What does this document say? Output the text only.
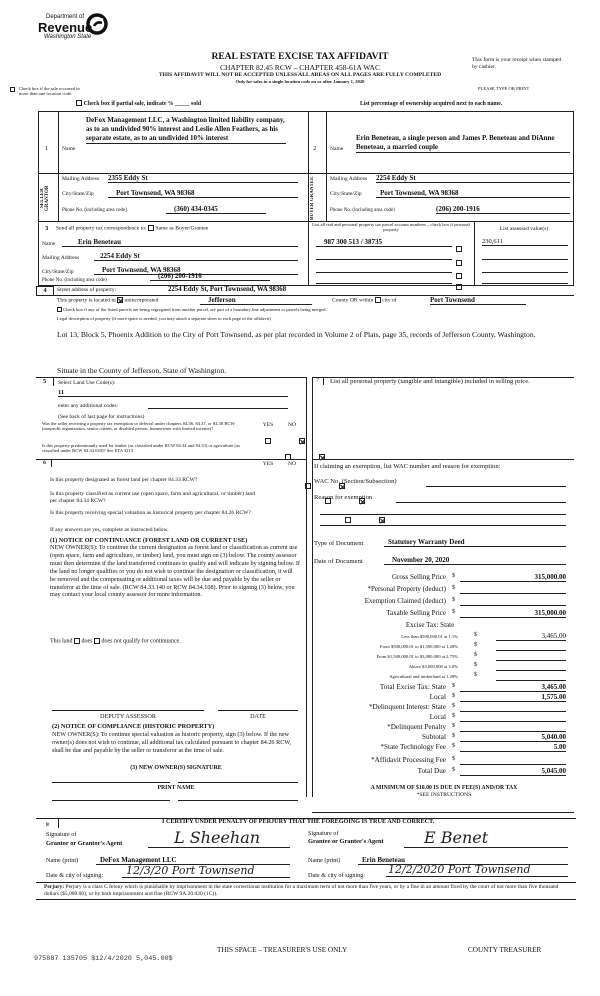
Department of
Revenue
Washington State
REAL ESTATE EXCISE TAX AFFIDAVIT
CHAPTER 82.45 RCW – CHAPTER 458-61A WAC
THIS AFFIDAVIT WILL NOT BE ACCEPTED UNLESS ALL AREAS ON ALL PAGES ARE FULLY COMPLETED
Only for sales in a single location code on or after January 1, 2020
This form is your receipt when stamped by cashier.
PLEASE TYPE OR PRINT
Check box if the sale occurred in more than one location code.
Check box if partial sale, indicate % _____ sold	List percentage of ownership acquired next to each name.
1 Name
DeFox Management LLC, a Washington limited liability company, as to an undivided 90% interest and Leslie Allen Feathers, as his separate estate, as to an undivided 10% interest
SELLER GRANTOR
Mailing Address 2355 Eddy St
City/State/Zip	Port Townsend, WA 98368
Phone No. (including area code)	(360) 434-0345
2 Name
Erin Beneteau, a single person and James P. Beneteau and DiAnne Beneteau, a married couple
BUYER GRANTEE	Mailing Address 2254 Eddy St
City/State/Zip	Port Townsend, WA 98368
Phone No. (including area code)	(206) 200-1916
3 Send all property tax correspondence to: Same as Buyer/Grantee
Name	Erin Beneteau
Mailing Address	2254 Eddy St
City/State/Zip	Port Townsend, WA 98368
Phone No. (including area code)
(206) 200-1916
List all real and personal property tax parcel account numbers – check box if personal property	List assessed value(s)
987 300 513 / 38735	230,611
4	Street address of property:	2254 Eddy St, Port Townsend, WA 98368
This property is located in unincorporated	Jefferson	County OR within city of	Port Townsend
Check box if any of the listed parcels are being segregated from another parcel, are part of a boundary line adjustment or parcels being merged.
Legal description of property (if more space is needed, you may attach a separate sheet to each page of the affidavit)
Lot 13, Block 5, Phoenix Addition to the City of Port Townsend, as per plat recorded in Volume 2 of Plats, page 35, records of Jefferson County, Washington.
Situate in the County of Jefferson, State of Washington.
5	Select Land Use Code(s):
11
enter any additional codes:
(See back of last page for instructions)
YES	NO
Was the seller receiving a property tax exemption or deferral under chapters 84.36, 84.37, or 84.38 RCW (nonprofit organization, senior citizen, or disabled person, homeowner with limited income)?

Is this property predominantly used for timber (as classified under RCW 84.34 and 84.33) or agriculture (as classified under RCW 84.34.020)? See ETA 3215

6	YES	NO
Is this property designated as forest land per chapter 84.33 RCW?

Is this property classified as current use (open space, farm and agricultural, or timber) land per chapter 84.34 RCW?

Is this property receiving special valuation as historical property per chapter 84.26 RCW?

If any answers are yes, complete as instructed below.
(1) NOTICE OF CONTINUANCE (FOREST LAND OR CURRENT USE)
NEW OWNER(S): To continue the current designation as forest land or classification as current use (open space, farm and agriculture, or timber) land, you must sign on (3) below. The county assessor must then determine if the land transferred continues to qualify and will indicate by signing below. If the land no longer qualifies or you do not wish to continue the designation or classification, it will be removed and the compensating or additional taxes will be due and payable by the seller or transferor at the time of sale. (RCW 84.33.140 or RCW 84.34.108). Prior to signing (3) below, you may contact your local county assessor for more information.
This land does does not qualify for continuance.
DEPUTY ASSESSOR	DATE
(2) NOTICE OF COMPLIANCE (HISTORIC PROPERTY)
NEW OWNER(S): To continue special valuation as historic property, sign (3) below. If the new owner(s) does not wish to continue, all additional tax calculated pursuant to chapter 84.26 RCW, shall be due and payable by the seller or transferor at the time of sale.
(3) NEW OWNER(S) SIGNATURE
PRINT NAME
7	List all personal property (tangible and intangible) included in selling price.
If claiming an exemption, list WAC number and reason for exemption:
WAC No. (Section/Subsection)
Reason for exemption
Type of Document	Statutory Warranty Deed
Date of Document	November 20, 2020
Gross Selling Price $	315,000.00
*Personal Property (deduct) $
Exemption Claimed (deduct) $
Taxable Selling Price $	315,000.00
Excise Tax: State
Less than $500,000.01 at 1.1%	$	3,465.00
From $500,000.01 to $1,500,000 at 1.28%	$
From $1,500,000.01 to $3,000,000 at 2.75%	$
Above $3,000,000 at 3.0%	$
Agricultural and timberland at 1.28%	$
Total Excise Tax: State $	3,465.00
Local $	1,575.00
*Delinquent Interest: State $
Local $
*Delinquent Penalty $
Subtotal $	5,040.00
*State Technology Fee $	5.00
*Affidavit Processing Fee $
Total Due $	5,045.00
A MINIMUM OF $10.00 IS DUE IN FEE(S) AND/OR TAX
*SEE INSTRUCTIONS
8	I CERTIFY UNDER PENALTY OF PERJURY THAT THE FOREGOING IS TRUE AND CORRECT.
Signature of
Grantor or Grantor's Agent	L Sheehan
Name (print)	DeFox Management LLC
Date & city of signing:	12/3/20 Port Townsend
Signature of
Grantee or Grantee's Agent	E Benet
Name (print)	Erin Beneteau
Date & city of signing: 12/2/2020 Port Townsend
Perjury: Perjury is a class C felony which is punishable by imprisonment in the state correctional institution for a maximum term of not more than five years, or by a fine in an amount fixed by the court of not more than five thousand dollars ($5,000.00), or by both imprisonment and fine (RCW 9A.20.020 (1C)).
THIS SPACE – TREASURER'S USE ONLY	COUNTY TREASURER
975887 135705 $12/4/2020 5,045.00$
